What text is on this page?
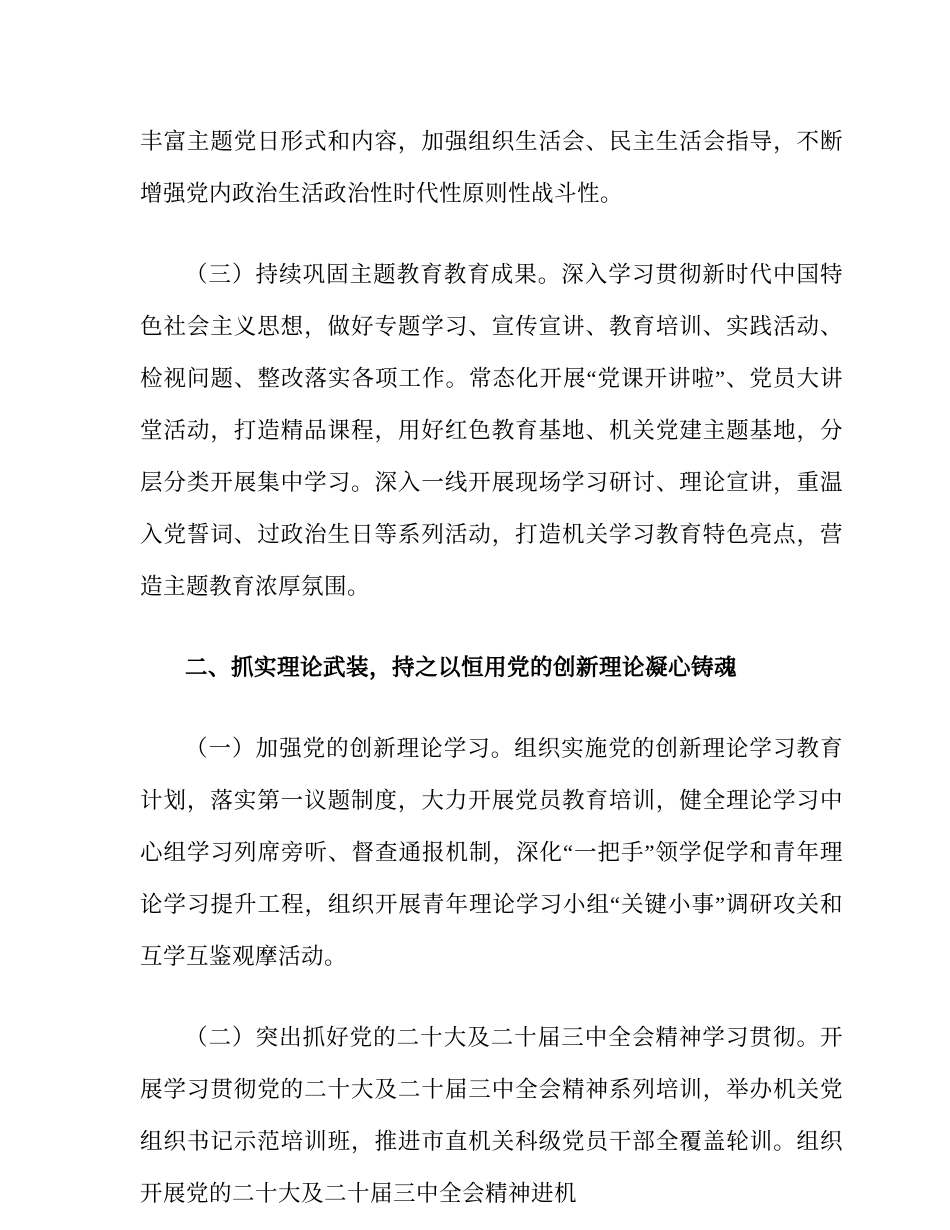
丰富主题党日形式和内容，加强组织生活会、民主生活会指导，不断增强党内政治生活政治性时代性原则性战斗性。

（三）持续巩固主题教育教育成果。深入学习贯彻新时代中国特色社会主义思想，做好专题学习、宣传宣讲、教育培训、实践活动、检视问题、整改落实各项工作。常态化开展“党课开讲啦”、党员大讲堂活动，打造精品课程，用好红色教育基地、机关党建主题基地，分层分类开展集中学习。深入一线开展现场学习研讨、理论宣讲，重温入党誓词、过政治生日等系列活动，打造机关学习教育特色亮点，营造主题教育浓厚氛围。

二、抓实理论武装，持之以恒用党的创新理论凝心铸魂

（一）加强党的创新理论学习。组织实施党的创新理论学习教育计划，落实第一议题制度，大力开展党员教育培训，健全理论学习中心组学习列席旁听、督查通报机制，深化“一把手”领学促学和青年理论学习提升工程，组织开展青年理论学习小组“关键小事”调研攻关和互学互鉴观摩活动。

（二）突出抓好党的二十大及二十届三中全会精神学习贯彻。开展学习贯彻党的二十大及二十届三中全会精神系列培训，举办机关党组织书记示范培训班，推进市直机关科级党员干部全覆盖轮训。组织开展党的二十大及二十届三中全会精神进机
